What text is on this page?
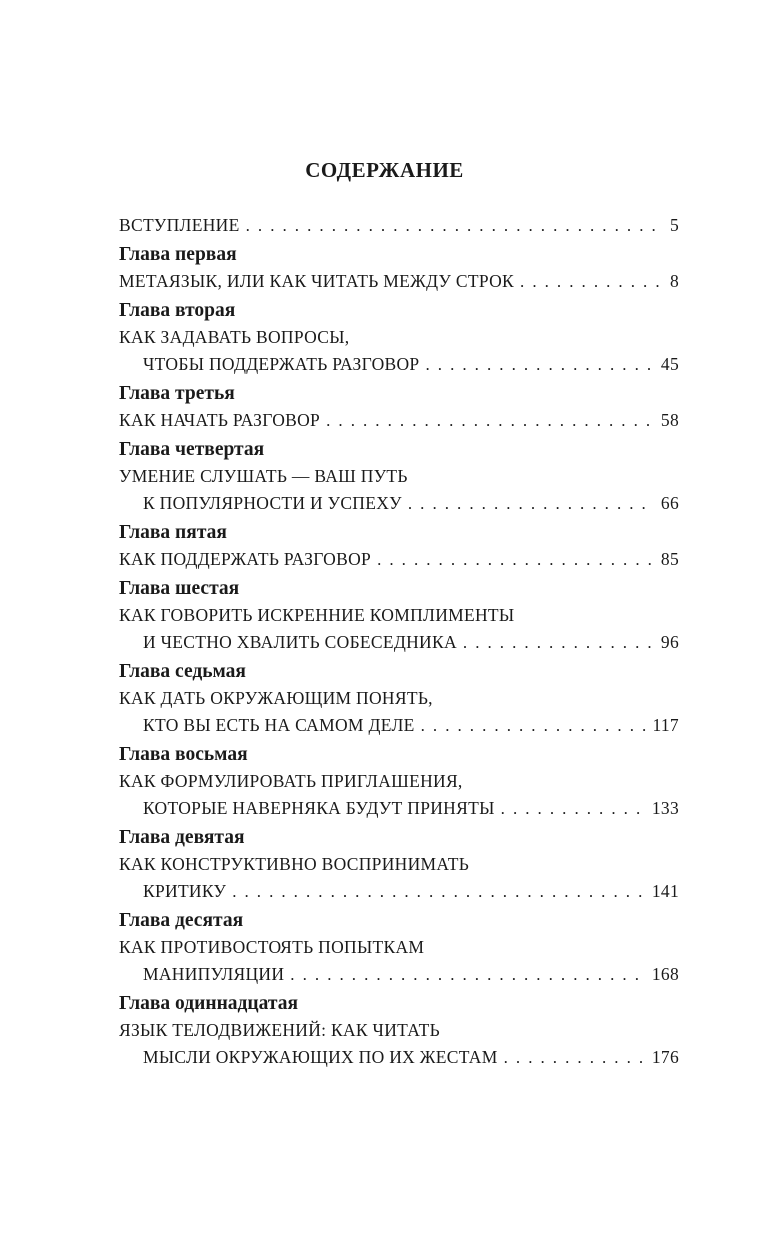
СОДЕРЖАНИЕ
ВСТУПЛЕНИЕ . . .	5
Глава первая
МЕТАЯЗЫК, ИЛИ КАК ЧИТАТЬ МЕЖДУ СТРОК . . .	8
Глава вторая
КАК ЗАДАВАТЬ ВОПРОСЫ,
ЧТОБЫ ПОДДЕРЖАТЬ РАЗГОВОР . . .	45
Глава третья
КАК НАЧАТЬ РАЗГОВОР . . .	58
Глава четвертая
УМЕНИЕ СЛУШАТЬ — ВАШ ПУТЬ
К ПОПУЛЯРНОСТИ И УСПЕХУ . . .	66
Глава пятая
КАК ПОДДЕРЖАТЬ РАЗГОВОР . . .	85
Глава шестая
КАК ГОВОРИТЬ ИСКРЕННИЕ КОМПЛИМЕНТЫ
И ЧЕСТНО ХВАЛИТЬ СОБЕСЕДНИКА . . .	96
Глава седьмая
КАК ДАТЬ ОКРУЖАЮЩИМ ПОНЯТЬ,
КТО ВЫ ЕСТЬ НА САМОМ ДЕЛЕ . . .	117
Глава восьмая
КАК ФОРМУЛИРОВАТЬ ПРИГЛАШЕНИЯ,
КОТОРЫЕ НАВЕРНЯКА БУДУТ ПРИНЯТЫ . . .	133
Глава девятая
КАК КОНСТРУКТИВНО ВОСПРИНИМАТЬ
КРИТИКУ . . .	141
Глава десятая
КАК ПРОТИВОСТОЯТЬ ПОПЫТКАМ
МАНИПУЛЯЦИИ . . .	168
Глава одиннадцатая
ЯЗЫК ТЕЛОДВИЖЕНИЙ: КАК ЧИТАТЬ
МЫСЛИ ОКРУЖАЮЩИХ ПО ИХ ЖЕСТАМ . . .	176
